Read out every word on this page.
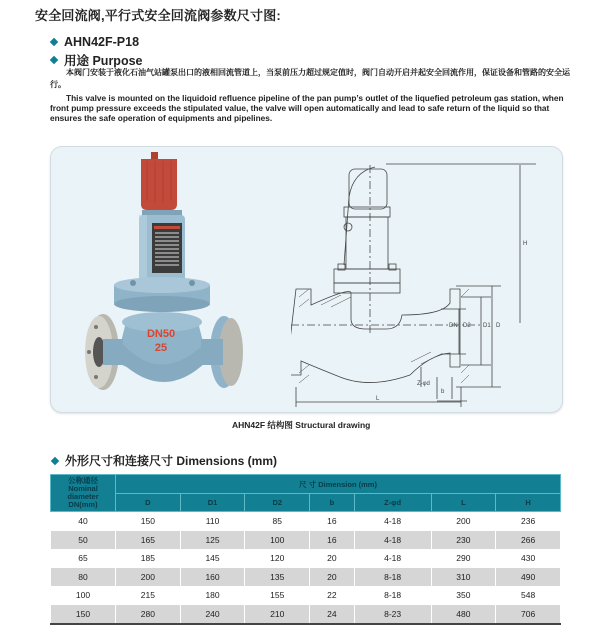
安全回流阀,平行式安全回流阀参数尺寸图:
AHN42F-P18
用途 Purpose
本阀门安装于液化石油气站罐泵出口的液相回流管道上，当泵前压力超过规定值时，阀门自动开启并起安全回流作用，保证设备和管路的安全运行。
This valve is mounted on the liquidoid refluence pipeline of the pan pump’s outlet of the liquefied petroleum gas station, when front pump pressure exceeds the stipulated value, the valve will open automatically and lead to safe return of the liquid so that ensures the safe operation of equipments and pipelines.
DN50
25
H
L
b
DN D2 D1 D
Z-φd
AHN42F 结构图 Structural drawing
外形尺寸和连接尺寸 Dimensions (mm)
公称通径
Nominal
diameter
DN(mm)	尺 寸 Dimension (mm)						
	D	D1	D2	b	Z-φd	L	H
40	150	110	85	16	4-18	200	236
50	165	125	100	16	4-18	230	266
65	185	145	120	20	4-18	290	430
80	200	160	135	20	8-18	310	490
100	215	180	155	22	8-18	350	548
150	280	240	210	24	8-23	480	706
